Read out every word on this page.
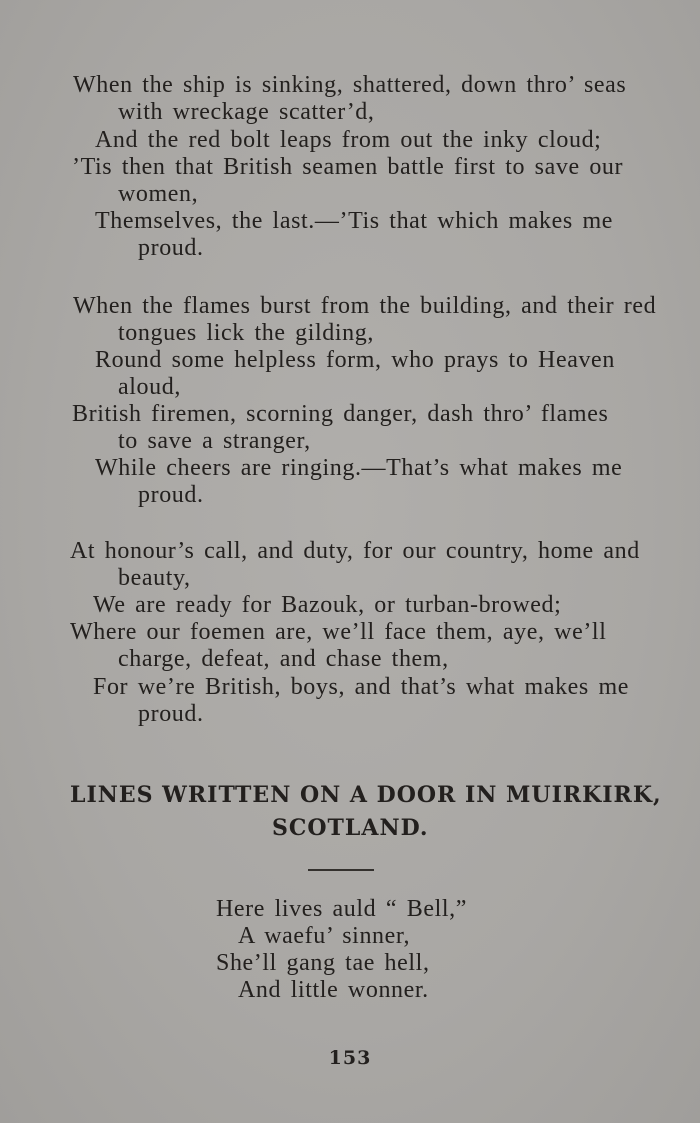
When the ship is sinking, shattered, down thro’ seas
with wreckage scatter’d,
And the red bolt leaps from out the inky cloud;
’Tis then that British seamen battle first to save our
women,
Themselves, the last.—’Tis that which makes me
proud.
When the flames burst from the building, and their red
tongues lick the gilding,
Round some helpless form, who prays to Heaven
aloud,
British firemen, scorning danger, dash thro’ flames
to save a stranger,
While cheers are ringing.—That’s what makes me
proud.
At honour’s call, and duty, for our country, home and
beauty,
We are ready for Bazouk, or turban-browed;
Where our foemen are, we’ll face them, aye, we’ll
charge, defeat, and chase them,
For we’re British, boys, and that’s what makes me
proud.
LINES WRITTEN ON A DOOR IN MUIRKIRK,
SCOTLAND.
Here lives auld “ Bell,”
A waefu’ sinner,
She’ll gang tae hell,
And little wonner.
153
